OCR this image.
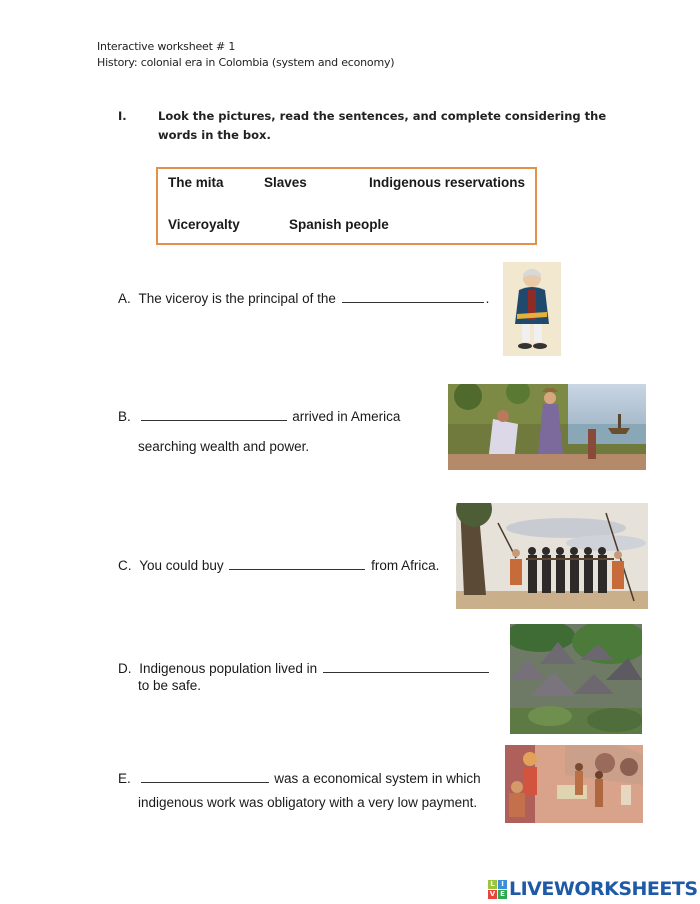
Interactive worksheet # 1
History: colonial era in Colombia (system and economy)
I.	Look the pictures, read the sentences, and complete considering the
words in the box.
The mita	Slaves	Indigenous reservations
Viceroyalty	Spanish people
A. The viceroy is the principal of the	.
B.	arrived in America
searching wealth and power.
C. You could buy	from Africa.
D. Indigenous population lived in
to be safe.
E.	was a economical system in which
indigenous work was obligatory with a very low payment.
L I
V E LIVEWORKSHEETS
